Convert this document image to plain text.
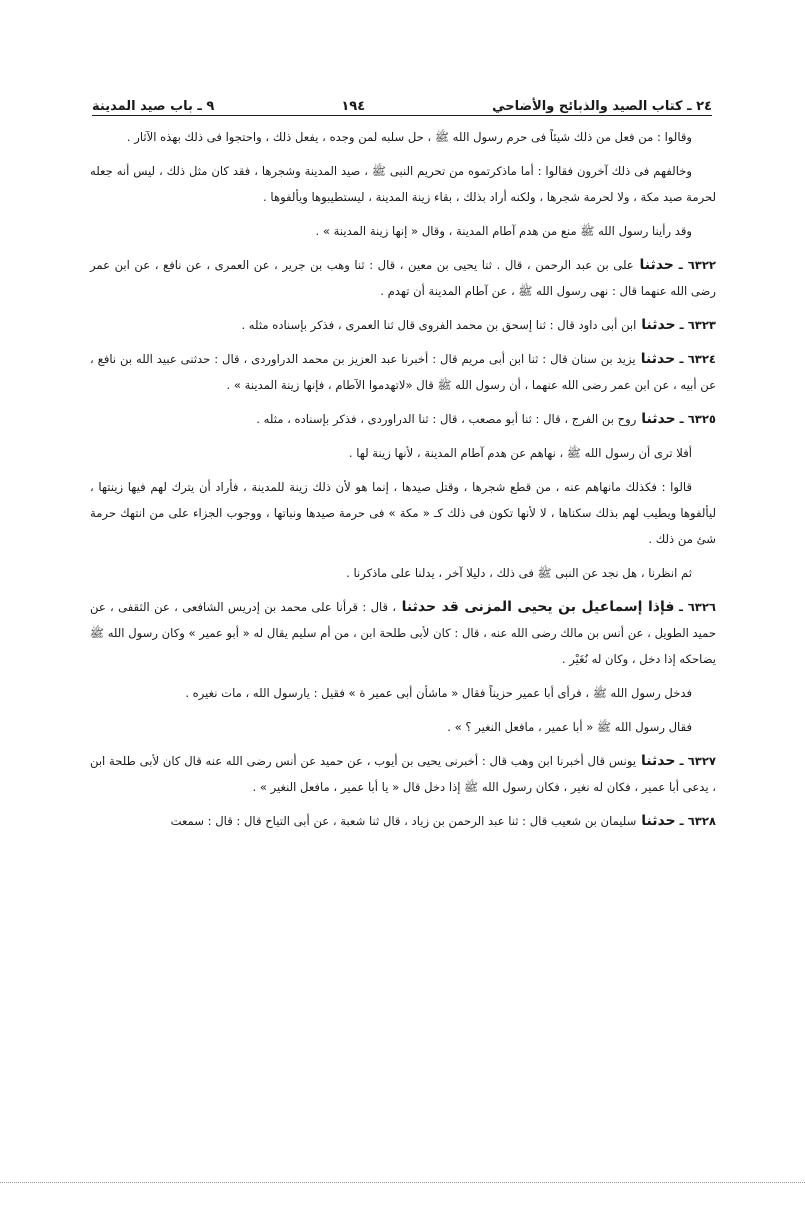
٢٤ ـ كتاب الصيد والذبائح والأضاحي
١٩٤
٩ ـ باب صيد المدينة

وقالوا : من فعل من ذلك شيئاً فى حرم رسول الله ﷺ ، حل سلبه لمن وجده ، يفعل ذلك ، واحتجوا فى ذلك بهذه الآثار .

وخالفهم فى ذلك آخرون فقالوا : أما ماذكرتموه من تحريم النبى ﷺ ، صيد المدينة وشجرها ، فقد كان مثل ذلك ، ليس أنه جعله لحرمة صيد مكة ، ولا لحرمة شجرها ، ولكنه أراد بذلك ، بقاء زينة المدينة ، ليستطيبوها ويألفوها .

وقد رأينا رسول الله ﷺ منع من هدم آطام المدينة ، وقال « إنها زينة المدينة » .

٦٣٢٢ ـ حدثنا على بن عبد الرحمن ، قال . ثنا يحيى بن معين ، قال : ثنا وهب بن جرير ، عن العمرى ، عن نافع ، عن ابن عمر رضى الله عنهما قال : نهى رسول الله ﷺ ، عن آطام المدينة أن تهدم .

٦٣٢٣ ـ حدثنا ابن أبى داود قال : ثنا إسحق بن محمد الفروى قال ثنا العمرى ، فذكر بإسناده مثله .

٦٣٢٤ ـ حدثنا يزيد بن سنان قال : ثنا ابن أبى مريم قال : أخبرنا عبد العزيز بن محمد الدراوردى ، قال : حدثنى عبيد الله بن نافع ، عن أبيه ، عن ابن عمر رضى الله عنهما ، أن رسول الله ﷺ قال «لاتهدموا الآطام ، فإنها زينة المدينة » .

٦٣٢٥ ـ حدثنا روح بن الفرج ، قال : ثنا أبو مصعب ، قال : ثنا الدراوردى ، فذكر بإسناده ، مثله .

أفلا ترى أن رسول الله ﷺ ، نهاهم عن هدم آطام المدينة ، لأنها زينة لها .

قالوا : فكذلك مانهاهم عنه ، من قطع شجرها ، وقتل صيدها ، إنما هو لأن ذلك زينة للمدينة ، فأراد أن يترك لهم فيها زينتها ، ليألفوها ويطيب لهم بذلك سكناها ، لا لأنها تكون فى ذلك كـ « مكة » فى حرمة صيدها ونباتها ، ووجوب الجزاء على من انتهك حرمة شئ من ذلك .

ثم انظرنا ، هل نجد عن النبى ﷺ فى ذلك ، دليلا آخر ، يدلنا على ماذكرنا .

٦٣٢٦ ـ فإذا إسماعيل بن يحيى المزنى قد حدثنا ، قال : قرأنا على محمد بن إدريس الشافعى ، عن الثقفى ، عن حميد الطويل ، عن أنس بن مالك رضى الله عنه ، قال : كان لأبى طلحة ابن ، من أم سليم يقال له « أبو عمير » وكان رسول الله ﷺ يضاحكه إذا دخل ، وكان له نُغَيْر .

فدخل رسول الله ﷺ ، فرأى أبا عمير حزيناً فقال « ماشأن أبى عمير ة » فقيل : يارسول الله ، مات نغيره .

فقال رسول الله ﷺ « أبا عمير ، مافعل النغير ؟ » .

٦٣٢٧ ـ حدثنا يونس قال أخبرنا ابن وهب قال : أخبرنى يحيى بن أيوب ، عن حميد عن أنس رضى الله عنه قال كان لأبى طلحة ابن ، يدعى أبا عمير ، فكان له نغير ، فكان رسول الله ﷺ إذا دخل قال « يا أبا عمير ، مافعل النغير » .

٦٣٢٨ ـ حدثنا سليمان بن شعيب قال : ثنا عبد الرحمن بن زياد ، قال ثنا شعبة ، عن أبى التياح قال : قال : سمعت
